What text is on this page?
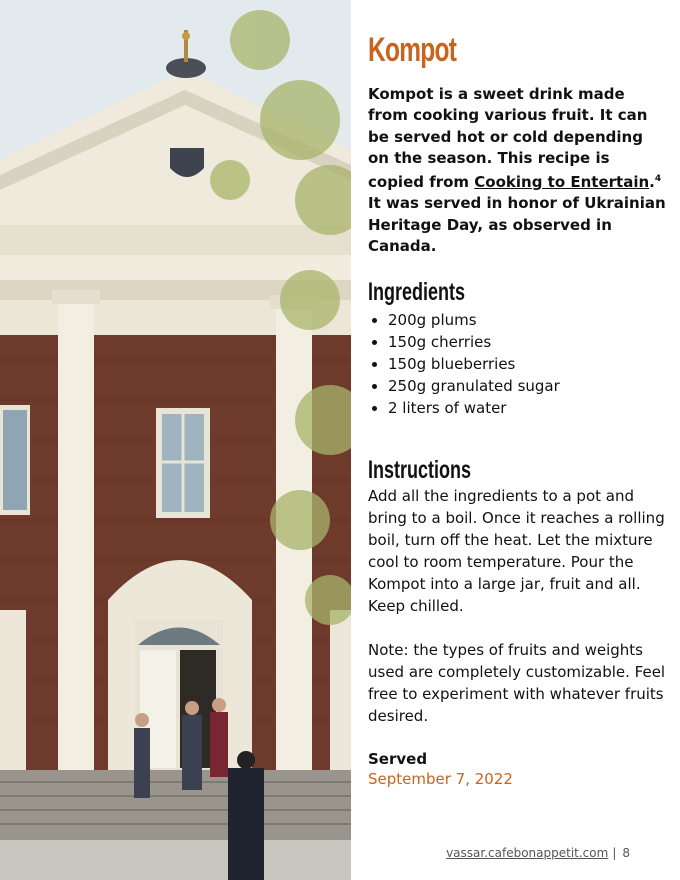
Kompot

Kompot is a sweet drink made from cooking various fruit. It can be served hot or cold depending on the season. This recipe is copied from Cooking to Entertain.$^4$ It was served in honor of Ukrainian Heritage Day, as observed in Canada.

Ingredients
• 200g plums
• 150g cherries
• 150g blueberries
• 250g granulated sugar
• 2 liters of water
Instructions

Add all the ingredients to a pot and bring to a boil. Once it reaches a rolling boil, turn off the heat. Let the mixture cool to room temperature. Pour the Kompot into a large jar, fruit and all. Keep chilled.

Note: the types of fruits and weights used are completely customizable. Feel free to experiment with whatever fruits desired.

Served
September 7, 2022
vassar.cafebonappetit.com | 8
